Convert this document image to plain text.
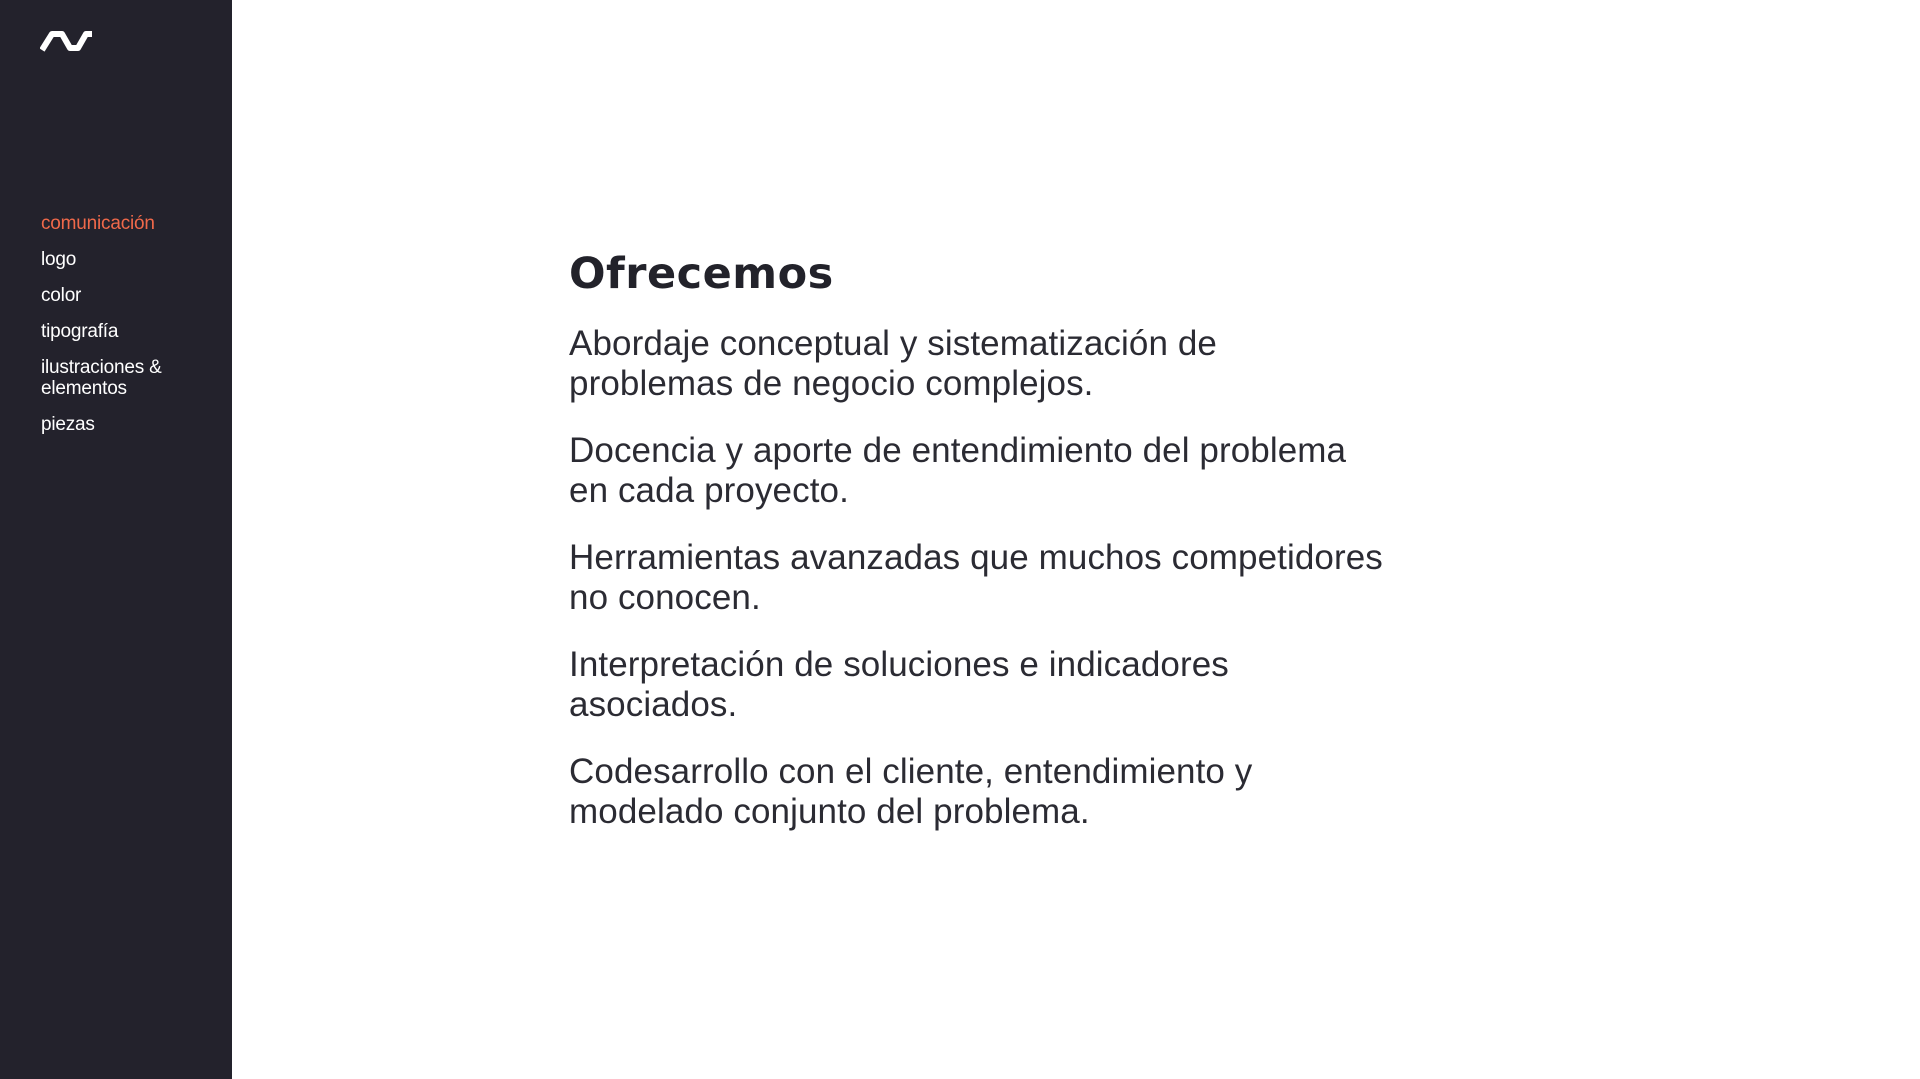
comunicación
logo
color
tipografía
ilustraciones & elementos
piezas
Ofrecemos

Abordaje conceptual y sistematización de problemas de negocio complejos.

Docencia y aporte de entendimiento del problema en cada proyecto.

Herramientas avanzadas que muchos competidores no conocen.

Interpretación de soluciones e indicadores asociados.

Codesarrollo con el cliente, entendimiento y modelado conjunto del problema.
